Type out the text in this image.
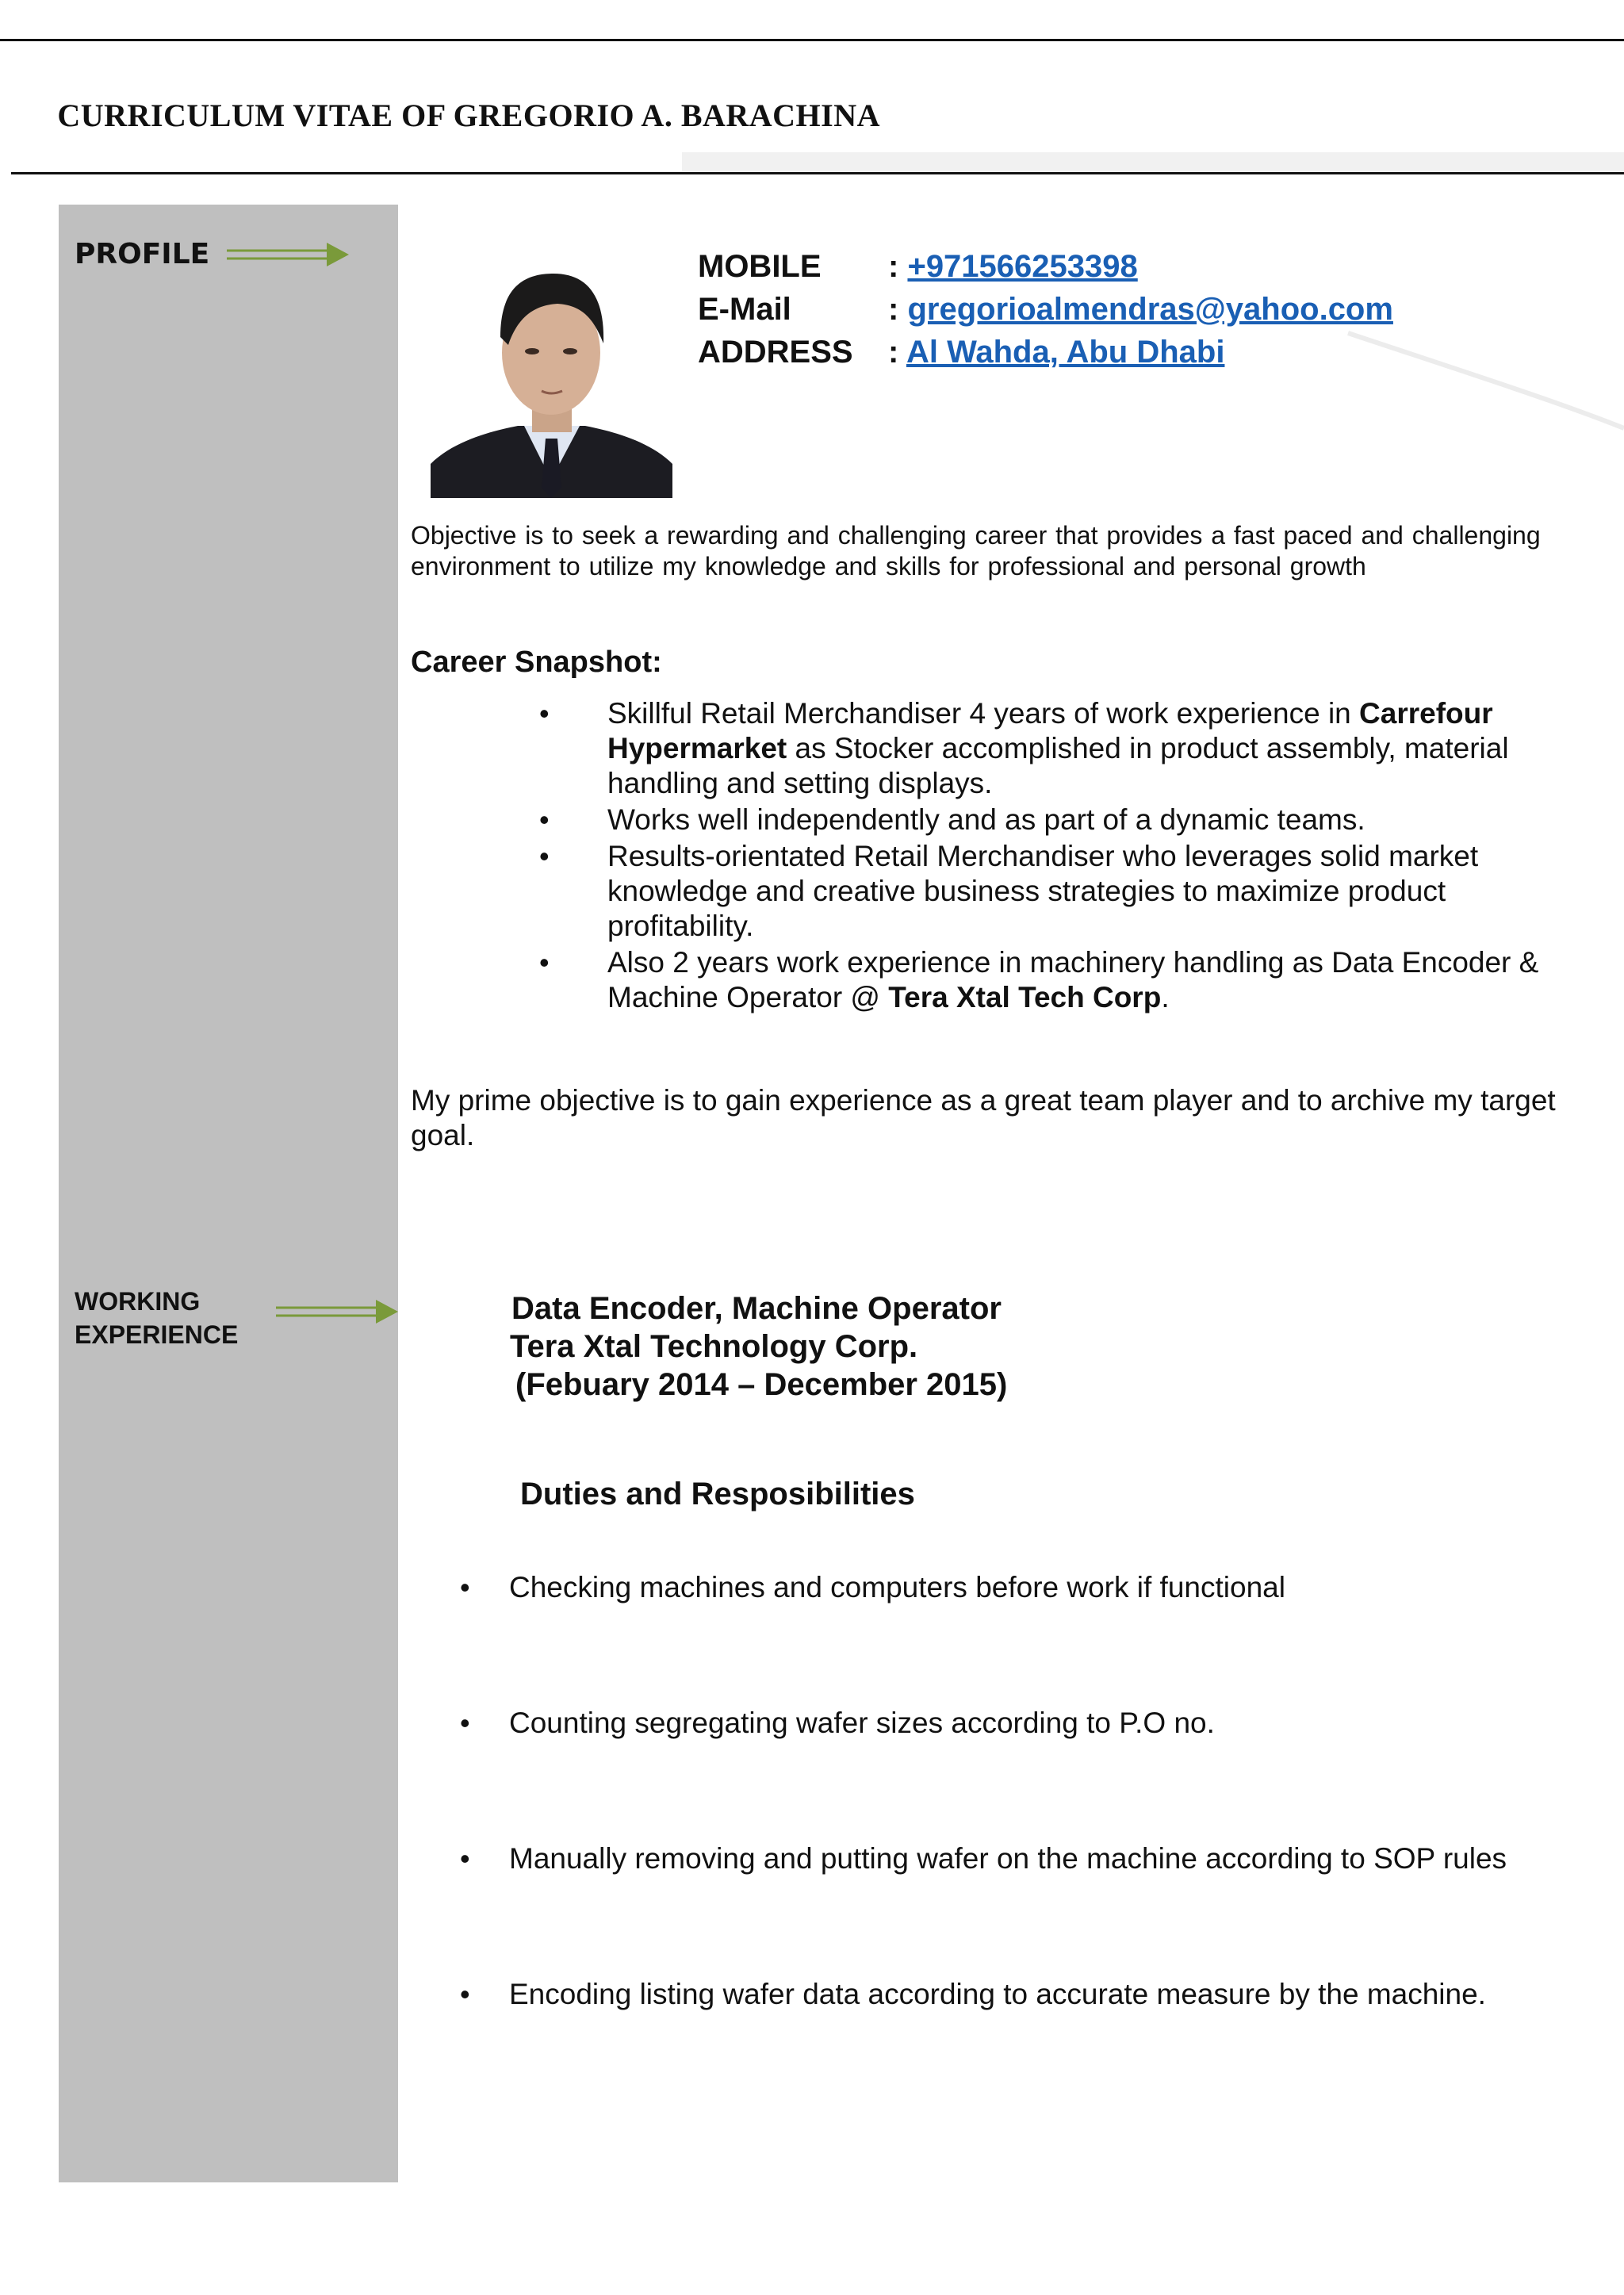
CURRICULUM VITAE OF GREGORIO A. BARACHINA

PROFILE

WORKING
EXPERIENCE

MOBILE : +971566253398
E-Mail	: gregorioalmendras@yahoo.com
ADDRESS : Al Wahda, Abu Dhabi

Objective is to seek a rewarding and challenging career that provides a fast paced and challenging environment to utilize my knowledge and skills for professional and personal growth

Career Snapshot:

• Skillful Retail Merchandiser 4 years of work experience in Carrefour Hypermarket as Stocker accomplished in product assembly, material handling and setting displays.
• Works well independently and as part of a dynamic teams.
• Results-orientated Retail Merchandiser who leverages solid market knowledge and creative business strategies to maximize product profitability.
• Also 2 years work experience in machinery handling as Data Encoder & Machine Operator @ Tera Xtal Tech Corp.

My prime objective is to gain experience as a great team player and to archive my target goal.

Data Encoder, Machine Operator

Tera Xtal Technology Corp.

(Febuary 2014 – December 2015)

Duties and Resposibilities

• Checking machines and computers before work if functional
• Counting segregating wafer sizes according to P.O no.
• Manually removing and putting wafer on the machine according to SOP rules
• Encoding listing wafer data according to accurate measure by the machine.
